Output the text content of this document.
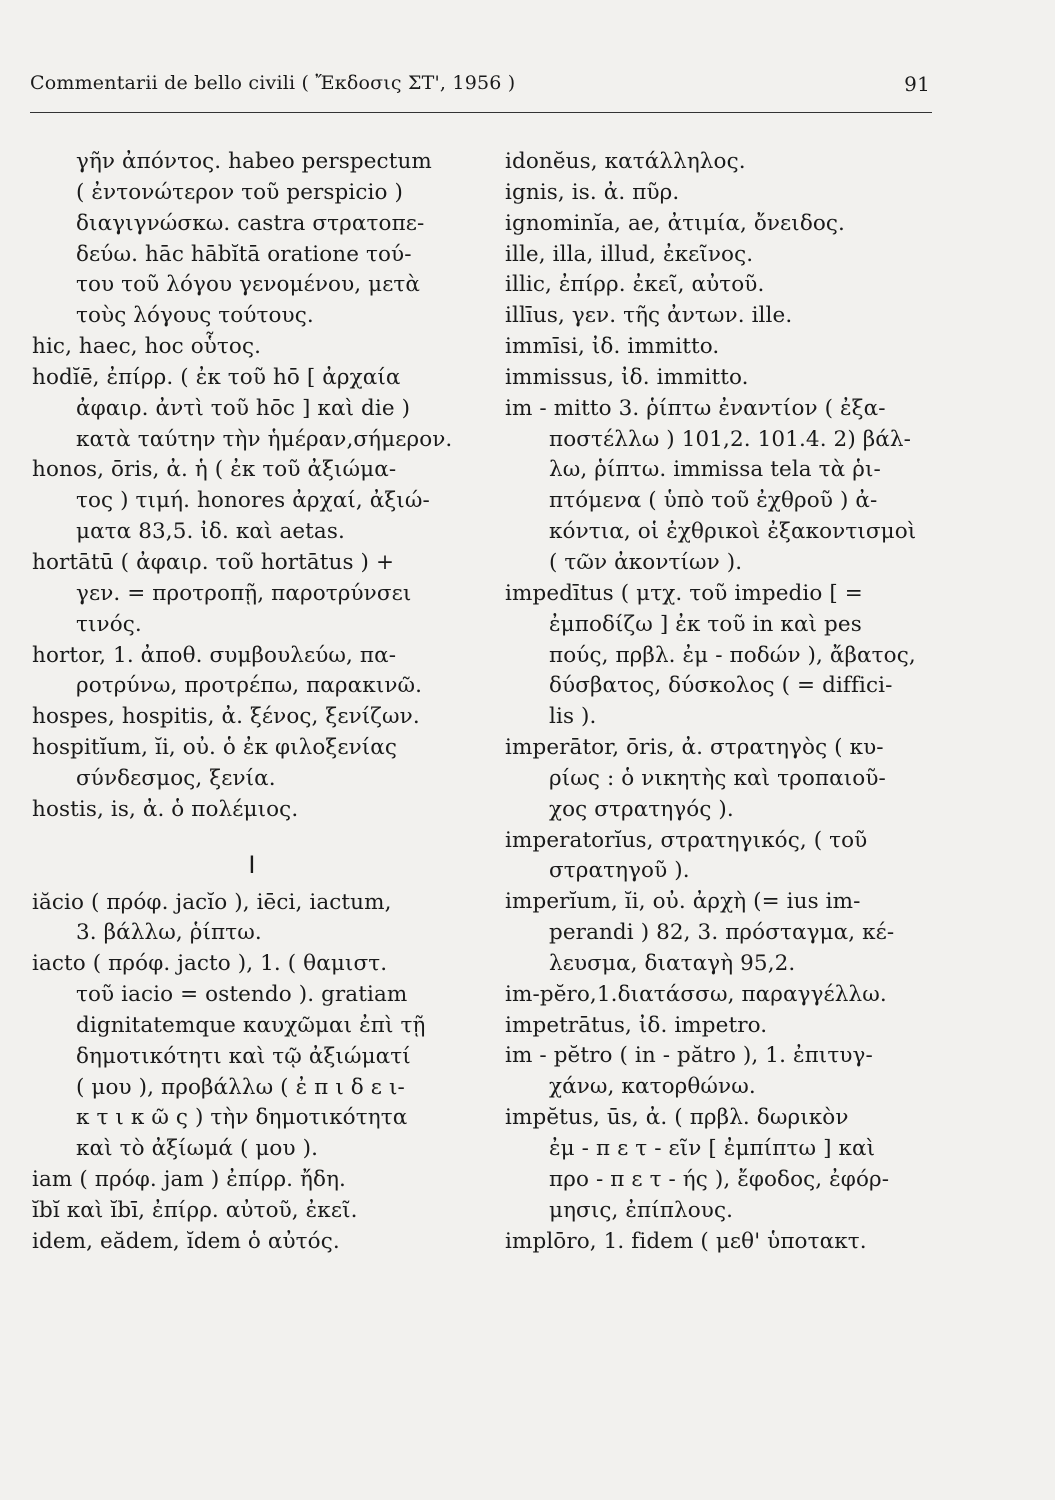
Commentarii de bello civili ( Ἔκδοσις ΣΤ', 1956 )	91
γῆν ἀπόντος. habeo perspectum
( ἐντονώτερον τοῦ perspicio )
διαγιγνώσκω. castra στρατοπε-
δεύω. hāc hābĭtā oratione τού-
του τοῦ λόγου γενομένου, μετὰ
τοὺς λόγους τούτους.
hic, haec, hoc οὗτος.
hodĭē, ἐπίρρ. ( ἐκ τοῦ hō [ ἀρχαία
ἀφαιρ. ἀντὶ τοῦ hōc ] καὶ die )
κατὰ ταύτην τὴν ἡμέραν,σήμερον.
honos, ōris, ἀ. ἡ ( ἐκ τοῦ ἀξιώμα-
τος ) τιμή. honores ἀρχαί, ἀξιώ-
ματα 83,5. ἰδ. καὶ aetas.
hortātū ( ἀφαιρ. τοῦ hortātus ) +
γεν. = προτροπῇ, παροτρύνσει
τινός.
hortor, 1. ἀποθ. συμβουλεύω, πα-
ροτρύνω, προτρέπω, παρακινῶ.
hospes, hospitis, ἀ. ξένος, ξενίζων.
hospitĭum, ĭi, οὐ. ὁ ἐκ φιλοξενίας
σύνδεσμος, ξενία.
hostis, is, ἀ. ὁ πολέμιος.
I
iăcio ( πρόφ. jacĭo ), iēci, iactum,
3. βάλλω, ῥίπτω.
iacto ( πρόφ. jacto ), 1. ( θαμιστ.
τοῦ iacio = ostendo ). gratiam
dignitatemque καυχῶμαι ἐπὶ τῇ
δημοτικότητι καὶ τῷ ἀξιώματί
( μου ), προβάλλω ( ἐ π ι δ ε ι-
κ τ ι κ ῶ ς ) τὴν δημοτικότητα
καὶ τὸ ἀξίωμά ( μου ).
iam ( πρόφ. jam ) ἐπίρρ. ἤδη.
ĭbĭ καὶ ĭbī, ἐπίρρ. αὐτοῦ, ἐκεῖ.
idem, eădem, ĭdem ὁ αὐτός.
idonĕus, κατάλληλος.
ignis, is. ἀ. πῦρ.
ignominĭa, ae, ἀτιμία, ὄνειδος.
ille, illa, illud, ἐκεῖνος.
illic, ἐπίρρ. ἐκεῖ, αὐτοῦ.
illīus, γεν. τῆς ἀντων. ille.
immīsi, ἰδ. immitto.
immissus, ἰδ. immitto.
im - mitto 3. ῥίπτω ἐναντίον ( ἐξα-
ποστέλλω ) 101,2. 101.4. 2) βάλ-
λω, ῥίπτω. immissa tela τὰ ῥι-
πτόμενα ( ὑπὸ τοῦ ἐχθροῦ ) ἀ-
κόντια, οἱ ἐχθρικοὶ ἐξακοντισμοὶ
( τῶν ἀκοντίων ).
impedītus ( μτχ. τοῦ impedio [ =
ἐμποδίζω ] ἐκ τοῦ in καὶ pes
πούς, πρβλ. ἐμ - ποδών ), ἄβατος,
δύσβατος, δύσκολος ( = diffici-
lis ).
imperātor, ōris, ἀ. στρατηγὸς ( κυ-
ρίως : ὁ νικητὴς καὶ τροπαιοῦ-
χος στρατηγός ).
imperatorĭus, στρατηγικός, ( τοῦ
στρατηγοῦ ).
imperĭum, ĭi, οὐ. ἀρχὴ (= ius im-
perandi ) 82, 3. πρόσταγμα, κέ-
λευσμα, διαταγὴ 95,2.
im-pĕro,1.διατάσσω, παραγγέλλω.
impetrātus, ἰδ. impetro.
im - pĕtro ( in - pătro ), 1. ἐπιτυγ-
χάνω, κατορθώνω.
impĕtus, ūs, ἀ. ( πρβλ. δωρικὸν
ἐμ - π ε τ - εῖν [ ἐμπίπτω ] καὶ
προ - π ε τ - ής ), ἔφοδος, ἐφόρ-
μησις, ἐπίπλους.
implōro, 1. fidem ( μεθ' ὑποτακτ.
